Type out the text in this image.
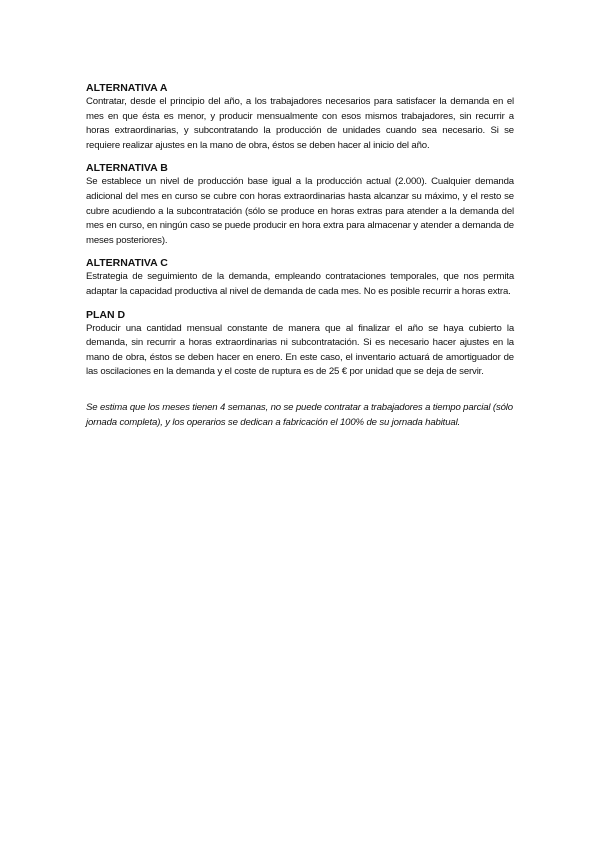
ALTERNATIVA A

Contratar, desde el principio del año, a los trabajadores necesarios para satisfacer la demanda en el mes en que ésta es menor, y producir mensualmente con esos mismos trabajadores, sin recurrir a horas extraordinarias, y subcontratando la producción de unidades cuando sea necesario. Si se requiere realizar ajustes en la mano de obra, éstos se deben hacer al inicio del año.

ALTERNATIVA B

Se establece un nivel de producción base igual a la producción actual (2.000). Cualquier demanda adicional del mes en curso se cubre con horas extraordinarias hasta alcanzar su máximo, y el resto se cubre acudiendo a la subcontratación (sólo se produce en horas extras para atender a la demanda del mes en curso, en ningún caso se puede producir en hora extra para almacenar y atender a demanda de meses posteriores).

ALTERNATIVA C

Estrategia de seguimiento de la demanda, empleando contrataciones temporales, que nos permita adaptar la capacidad productiva al nivel de demanda de cada mes. No es posible recurrir a horas extra.

PLAN D

Producir una cantidad mensual constante de manera que al finalizar el año se haya cubierto la demanda, sin recurrir a horas extraordinarias ni subcontratación. Si es necesario hacer ajustes en la mano de obra, éstos se deben hacer en enero. En este caso, el inventario actuará de amortiguador de las oscilaciones en la demanda y el coste de ruptura es de 25 € por unidad que se deja de servir.

Se estima que los meses tienen 4 semanas, no se puede contratar a trabajadores a tiempo parcial (sólo jornada completa), y los operarios se dedican a fabricación el 100% de su jornada habitual.
